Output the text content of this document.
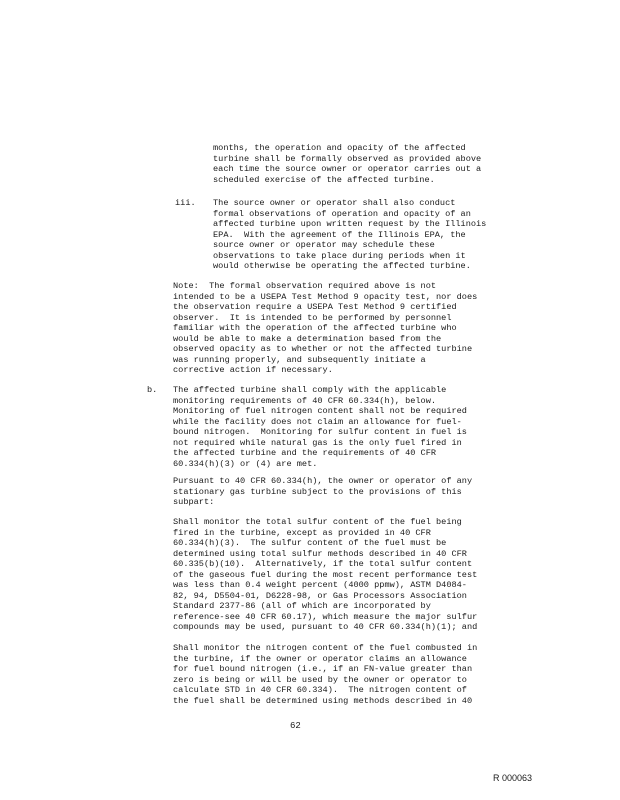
months, the operation and opacity of the affected
turbine shall be formally observed as provided above
each time the source owner or operator carries out a
scheduled exercise of the affected turbine.
iii. The source owner or operator shall also conduct
formal observations of operation and opacity of an
affected turbine upon written request by the Illinois
EPA.  With the agreement of the Illinois EPA, the
source owner or operator may schedule these
observations to take place during periods when it
would otherwise be operating the affected turbine.
Note:  The formal observation required above is not
intended to be a USEPA Test Method 9 opacity test, nor does
the observation require a USEPA Test Method 9 certified
observer.  It is intended to be performed by personnel
familiar with the operation of the affected turbine who
would be able to make a determination based from the
observed opacity as to whether or not the affected turbine
was running properly, and subsequently initiate a
corrective action if necessary.
b. The affected turbine shall comply with the applicable
monitoring requirements of 40 CFR 60.334(h), below.
Monitoring of fuel nitrogen content shall not be required
while the facility does not claim an allowance for fuel-
bound nitrogen.  Monitoring for sulfur content in fuel is
not required while natural gas is the only fuel fired in
the affected turbine and the requirements of 40 CFR
60.334(h)(3) or (4) are met.
Pursuant to 40 CFR 60.334(h), the owner or operator of any
stationary gas turbine subject to the provisions of this
subpart:
Shall monitor the total sulfur content of the fuel being
fired in the turbine, except as provided in 40 CFR
60.334(h)(3).  The sulfur content of the fuel must be
determined using total sulfur methods described in 40 CFR
60.335(b)(10).  Alternatively, if the total sulfur content
of the gaseous fuel during the most recent performance test
was less than 0.4 weight percent (4000 ppmw), ASTM D4084-
82, 94, D5504-01, D6228-98, or Gas Processors Association
Standard 2377-86 (all of which are incorporated by
reference-see 40 CFR 60.17), which measure the major sulfur
compounds may be used, pursuant to 40 CFR 60.334(h)(1); and
Shall monitor the nitrogen content of the fuel combusted in
the turbine, if the owner or operator claims an allowance
for fuel bound nitrogen (i.e., if an FN-value greater than
zero is being or will be used by the owner or operator to
calculate STD in 40 CFR 60.334).  The nitrogen content of
the fuel shall be determined using methods described in 40
62
R 000063
